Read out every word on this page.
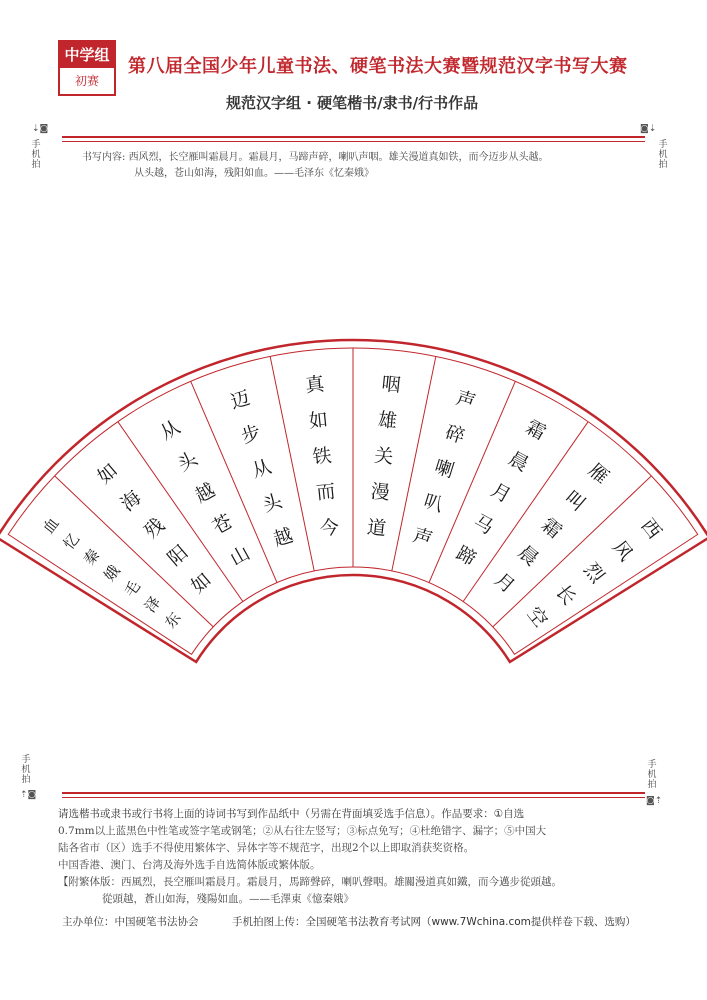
中学组
初赛
第八届全国少年儿童书法、硬笔书法大赛暨规范汉字书写大赛
规范汉字组 · 硬笔楷书/隶书/行书作品
手机拍
手机拍
手机拍
手机拍
⇣◙	◙⇣
⇡◙
◙⇡
书写内容: 西风烈，长空雁叫霜晨月。霜晨月，马蹄声碎，喇叭声咽。雄关漫道真如铁，而今迈步从头越。
从头越，苍山如海，残阳如血。——毛泽东《忆秦娥》
西
风
烈
长
空
雁
叫
霜
晨
月
霜
晨
月
马
蹄
声
碎
喇
叭
声
咽
雄
关
漫
道
真
如
铁
而
今
迈
步
从
头
越
从
头
越
苍
山
如
海
残
阳
如
血
忆
秦
娥
毛
泽
东
请选楷书或隶书或行书将上面的诗词书写到作品纸中（另需在背面填妥选手信息）。作品要求：①自选
0.7mm以上蓝黑色中性笔或签字笔或钢笔；②从右往左竖写；③标点免写；④杜绝错字、漏字；⑤中国大
陆各省市（区）选手不得使用繁体字、异体字等不规范字，出现2个以上即取消获奖资格。
中国香港、澳门、台湾及海外选手自选简体版或繁体版。
【附繁体版：西風烈，長空雁叫霜晨月。霜晨月，馬蹄聲碎，喇叭聲咽。雄關漫道真如鐵，而今邁步從頭越。
從頭越，蒼山如海，殘陽如血。——毛澤東《憶秦娥》
主办单位：中国硬笔书法协会	手机拍图上传：全国硬笔书法教育考试网（www.7Wchina.com提供样卷下载、选购）
